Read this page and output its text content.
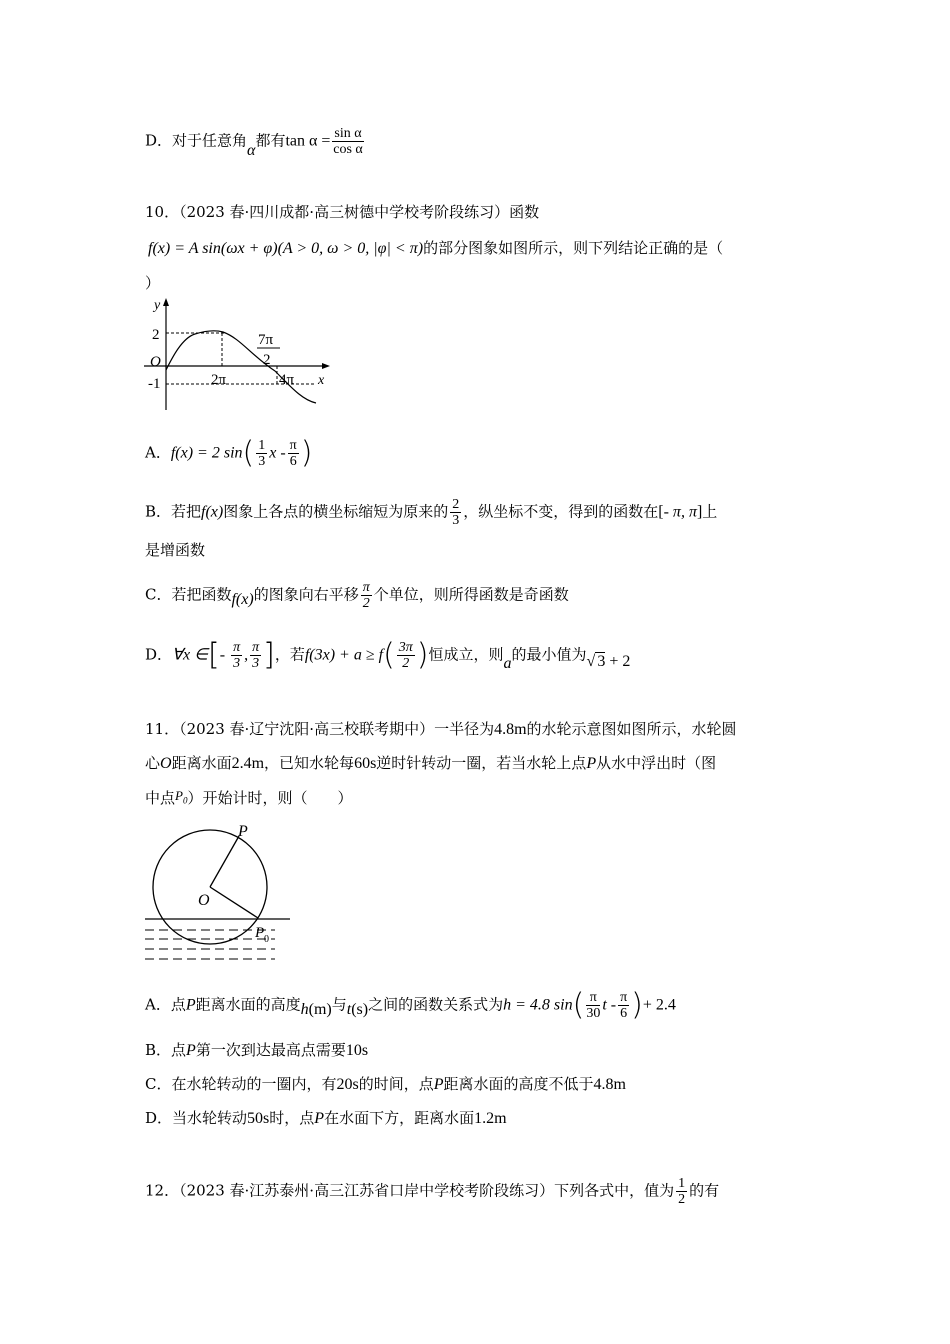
D．对于任意角α都有$\tan \alpha = \frac{\text{sin α}}{\text{cos α}}$
10．（2023 春·四川成都·高三树德中学校考阶段练习）函数
f(x) = A sin(ωx + φ)(A > 0, ω > 0, |φ| < π)的部分图象如图所示，则下列结论正确的是（
）
y
x
O
2
-1	2π	4π
7π
2
A．f(x) = 2 $\sin( \frac{1}{3}$ x - $\frac{\pi}{6}$ )
B．若把f(x)图象上各点的横坐标缩短为原来的 $\frac{2}{3}$ ，纵坐标不变，得到的函数在[- π, π]上
是增函数
C．若把函数f(x)的图象向右平移 $\frac{\pi}{2}$ 个单位，则所得函数是奇函数
D．∀x ∈[- $\frac{\pi}{3}$ , $\frac{\pi}{3}$ ]，若$f(3x) + a \ge f( \frac{3\pi}{2}$ )恒成立，则a的最小值为√ 3 + 2
11．（2023 春·辽宁沈阳·高三校联考期中）一半径为4.8m的水轮示意图如图所示，水轮圆
心O距离水面2.4m，已知水轮每60s逆时针转动一圈，若当水轮上点P从水中浮出时（图
中点$P_0$）开始计时，则（　　）
P
O
P 0
A．点P距离水面的高度h(m)与t(s)之间的函数关系式为h = 4.8 $\sin( \frac{\pi}{30}$ t - $\frac{\pi}{6}$ )+ 2.4
B．点P第一次到达最高点需要10s
C．在水轮转动的一圈内，有20s的时间，点P距离水面的高度不低于4.8m
D．当水轮转动50s时，点P在水面下方，距离水面1.2m
12．（2023 春·江苏泰州·高三江苏省口岸中学校考阶段练习）下列各式中，值为 $\frac{1}{2}$ 的有
